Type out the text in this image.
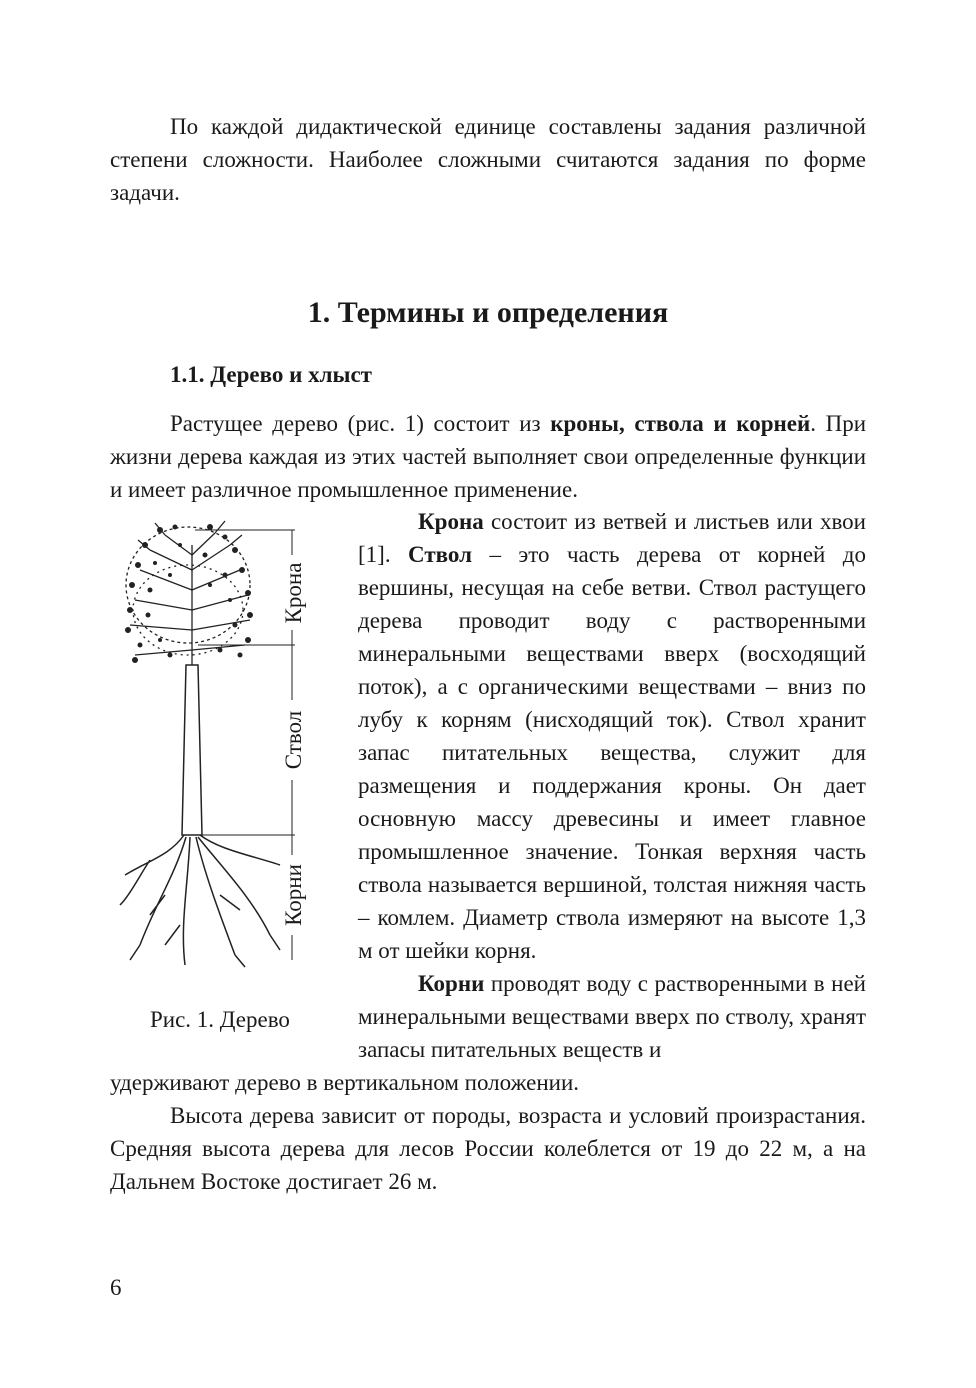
По каждой дидактической единице составлены задания различной степени сложности. Наиболее сложными считаются задания по форме задачи.

1. Термины и определения
1.1. Дерево и хлыст

Растущее дерево (рис. 1) состоит из кроны, ствола и корней. При жизни дерева каждая из этих частей выполняет свои определенные функции и имеет различное промышленное применение.

Крона
Ствол
Корни

Рис. 1. Дерево

Крона состоит из ветвей и листьев или хвои [1]. Ствол – это часть дерева от корней до вершины, несущая на себе ветви. Ствол растущего дерева проводит воду с растворенными минеральными веществами вверх (восходящий поток), а с органическими веществами – вниз по лубу к корням (нисходящий ток). Ствол хранит запас питательных вещества, служит для размещения и поддержания кроны. Он дает основную массу древесины и имеет главное промышленное значение. Тонкая верхняя часть ствола называется вершиной, толстая нижняя часть – комлем. Диаметр ствола измеряют на высоте 1,3 м от шейки корня.

Корни проводят воду с растворенными в ней минеральными веществами вверх по стволу, хранят запасы питательных веществ и

удерживают дерево в вертикальном положении.

Высота дерева зависит от породы, возраста и условий произрастания. Средняя высота дерева для лесов России колеблется от 19 до 22 м, а на Дальнем Востоке достигает 26 м.

6
